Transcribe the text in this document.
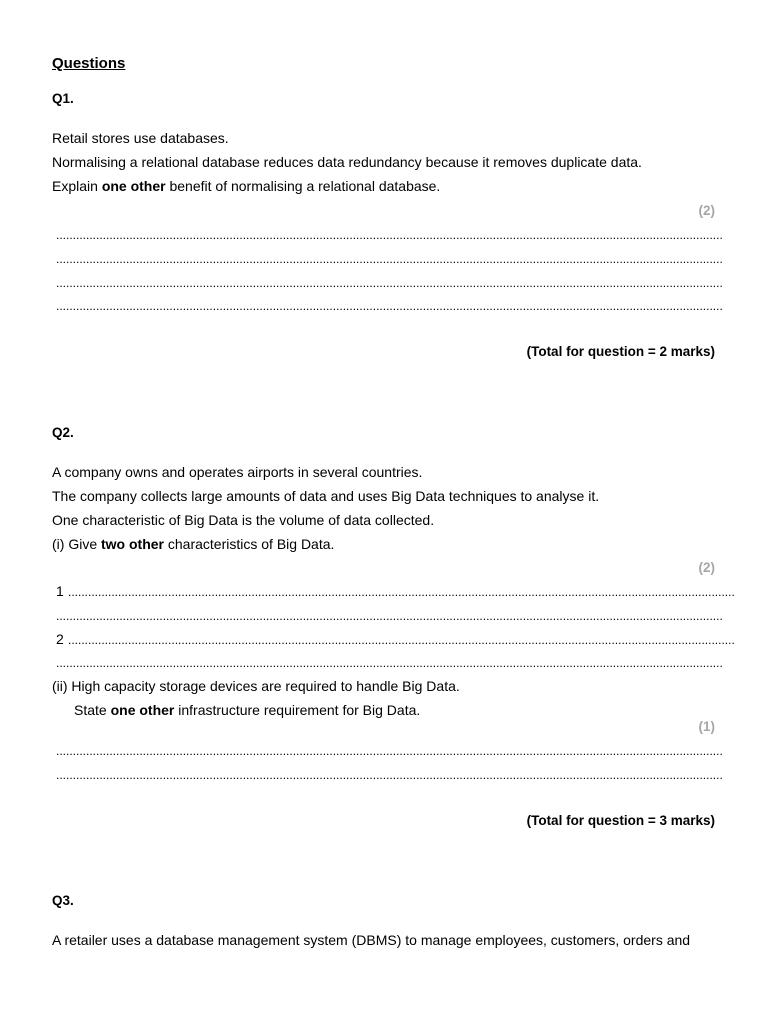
Questions
Q1.
Retail stores use databases.
Normalising a relational database reduces data redundancy because it removes duplicate data.
Explain one other benefit of normalising a relational database.
(2)
........................................................................................................................................................................................................
........................................................................................................................................................................................................
........................................................................................................................................................................................................
........................................................................................................................................................................................................
(Total for question = 2 marks)
Q2.
A company owns and operates airports in several countries.
The company collects large amounts of data and uses Big Data techniques to analyse it.
One characteristic of Big Data is the volume of data collected.
(i) Give two other characteristics of Big Data.
(2)
1 ........................................................................................................................................................................................................
........................................................................................................................................................................................................
2 ........................................................................................................................................................................................................
........................................................................................................................................................................................................
(ii) High capacity storage devices are required to handle Big Data.
State one other infrastructure requirement for Big Data.
(1)
........................................................................................................................................................................................................
........................................................................................................................................................................................................
(Total for question = 3 marks)
Q3.
A retailer uses a database management system (DBMS) to manage employees, customers, orders and
